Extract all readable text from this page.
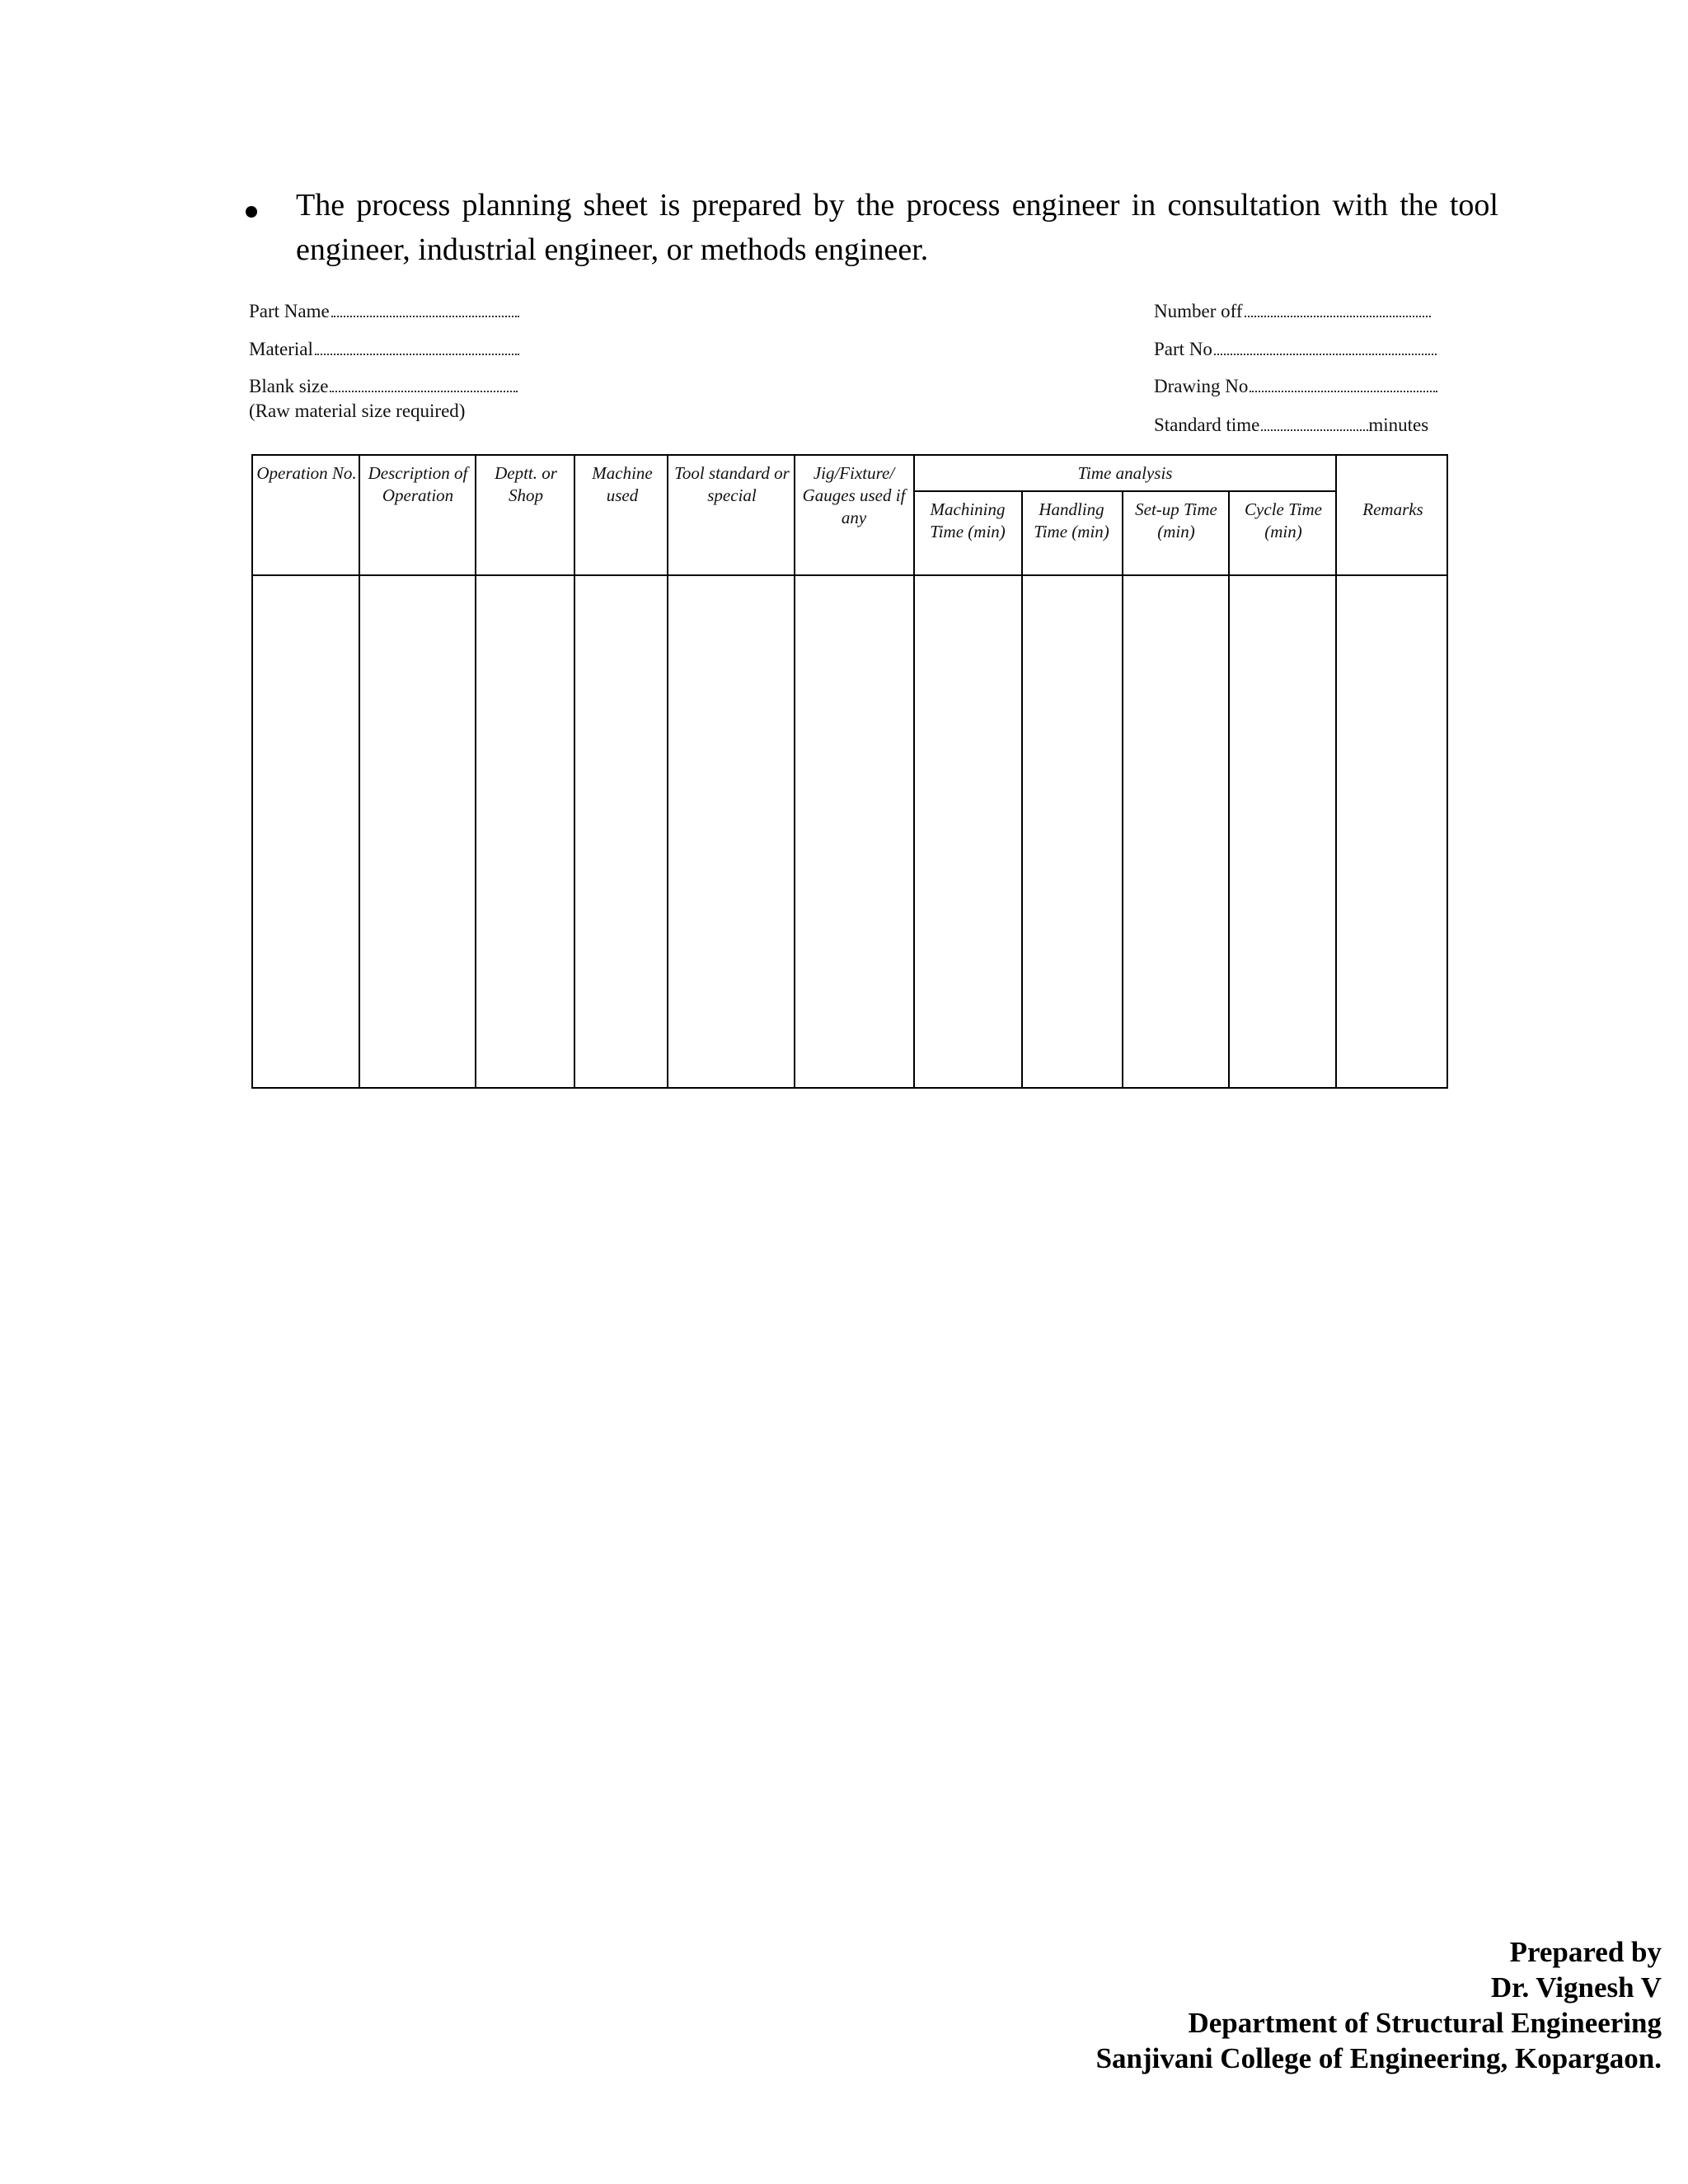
The process planning sheet is prepared by the process engineer in consultation with the tool engineer, industrial engineer, or methods engineer.
Part Name
Material
Blank size
(Raw material size required)
Number off
Part No
Drawing No
Standard time	minutes
Operation No. Description of Operation
Deptt. or Shop
Machine used
Tool standard or special
Jig/Fixture/ Gauges used if any
Time analysis
Machining Time (min)
Handling Time (min)
Set-up Time (min)
Cycle Time (min)
Remarks
Prepared by
Dr. Vignesh V
Department of Structural Engineering
Sanjivani College of Engineering, Kopargaon.
